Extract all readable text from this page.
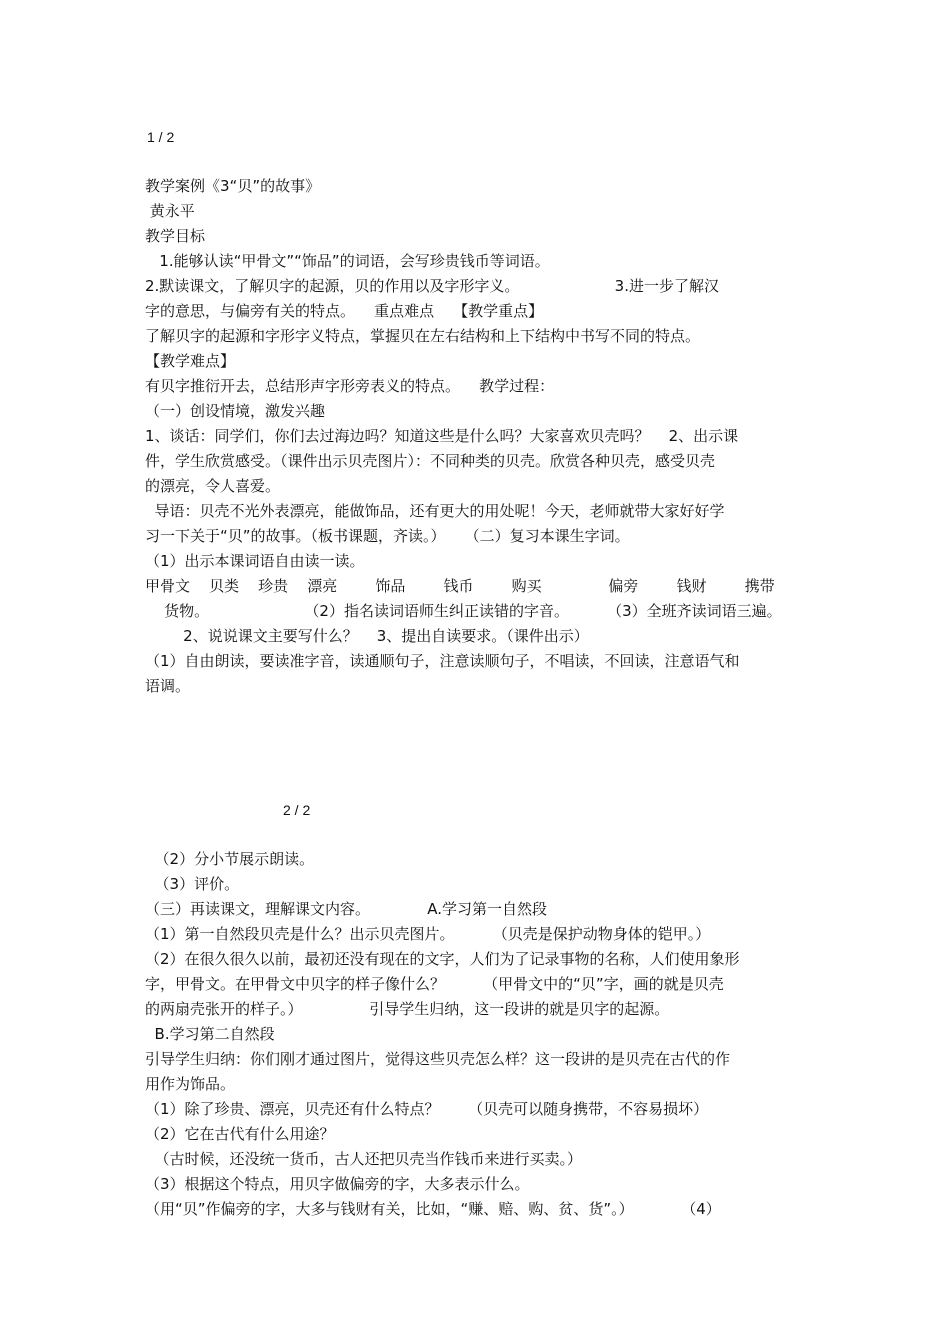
1 / 2
教学案例《3“贝”的故事》
黄永平
教学目标
1.能够认读“甲骨文”“饰品”的词语，会写珍贵钱币等词语。
2.默读课文，了解贝字的起源，贝的作用以及字形字义。                    3.进一步了解汉
字的意思，与偏旁有关的特点。    重点难点    【教学重点】
了解贝字的起源和字形字义特点，掌握贝在左右结构和上下结构中书写不同的特点。
【教学难点】
有贝字推衍开去，总结形声字形旁表义的特点。    教学过程：
（一）创设情境，激发兴趣
1、谈话：同学们，你们去过海边吗？知道这些是什么吗？大家喜欢贝壳吗？    2、出示课
件，学生欣赏感受。（课件出示贝壳图片）：不同种类的贝壳。欣赏各种贝壳，感受贝壳
的漂亮，令人喜爱。
导语：贝壳不光外表漂亮，能做饰品，还有更大的用处呢！今天，老师就带大家好好学
习一下关于“贝”的故事。（板书课题，齐读。）    （二）复习本课生字词。
（1）出示本课词语自由读一读。
甲骨文    贝类    珍贵    漂亮        饰品        钱币        购买              偏旁        钱财        携带
货物。                    （2）指名读词语师生纠正读错的字音。        （3）全班齐读词语三遍。
2、说说课文主要写什么？    3、提出自读要求。（课件出示）
（1）自由朗读，要读准字音，读通顺句子，注意读顺句子，不唱读，不回读，注意语气和
语调。
2 / 2
（2）分小节展示朗读。
（3）评价。
（三）再读课文，理解课文内容。            A.学习第一自然段
（1）第一自然段贝壳是什么？出示贝壳图片。        （贝壳是保护动物身体的铠甲。）
（2）在很久很久以前，最初还没有现在的文字，人们为了记录事物的名称，人们使用象形
字，甲骨文。在甲骨文中贝字的样子像什么？        （甲骨文中的“贝”字，画的就是贝壳
的两扇壳张开的样子。）              引导学生归纳，这一段讲的就是贝字的起源。
B.学习第二自然段
引导学生归纳：你们刚才通过图片，觉得这些贝壳怎么样？这一段讲的是贝壳在古代的作
用作为饰品。
（1）除了珍贵、漂亮，贝壳还有什么特点？      （贝壳可以随身携带，不容易损坏）
（2）它在古代有什么用途？
（古时候，还没统一货币，古人还把贝壳当作钱币来进行买卖。）
（3）根据这个特点，用贝字做偏旁的字，大多表示什么。
（用“贝”作偏旁的字，大多与钱财有关，比如，“赚、赔、购、贫、货”。）          （4）
